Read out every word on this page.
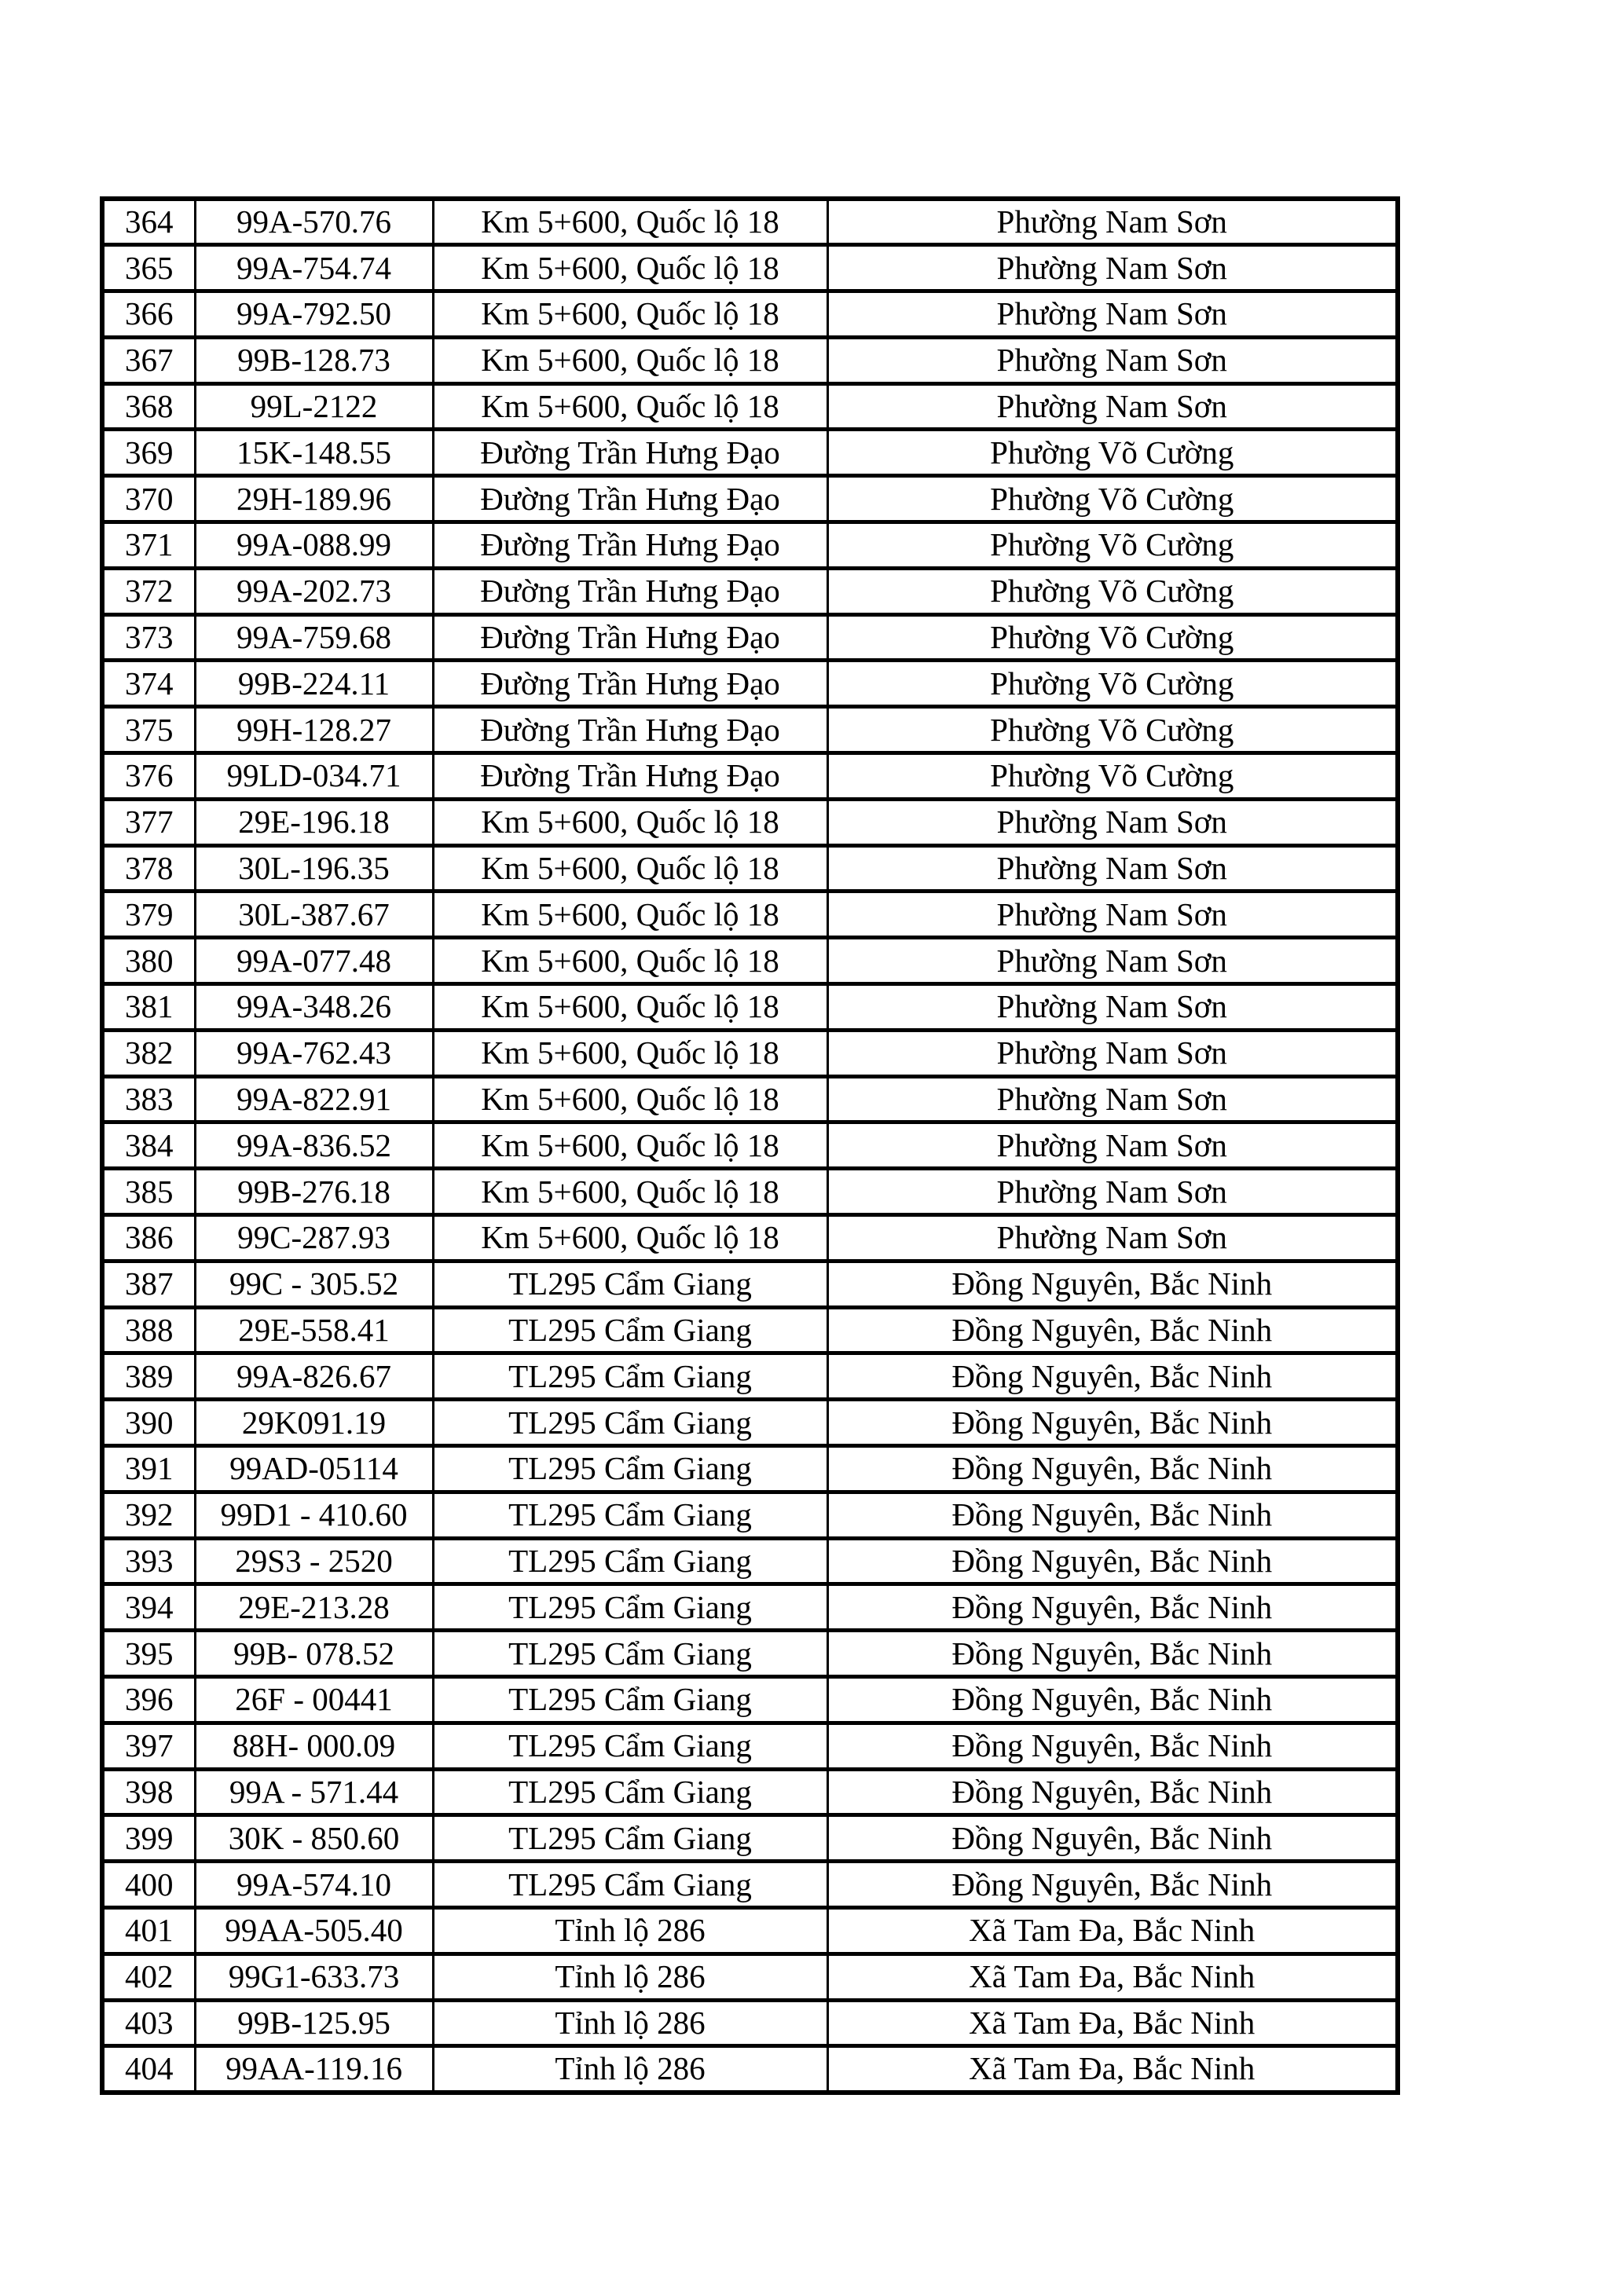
364	99A-570.76	Km 5+600, Quốc lộ 18	Phường Nam Sơn
365	99A-754.74	Km 5+600, Quốc lộ 18	Phường Nam Sơn
366	99A-792.50	Km 5+600, Quốc lộ 18	Phường Nam Sơn
367	99B-128.73	Km 5+600, Quốc lộ 18	Phường Nam Sơn
368	99L-2122	Km 5+600, Quốc lộ 18	Phường Nam Sơn
369	15K-148.55	Đường Trần Hưng Đạo	Phường Võ Cường
370	29H-189.96	Đường Trần Hưng Đạo	Phường Võ Cường
371	99A-088.99	Đường Trần Hưng Đạo	Phường Võ Cường
372	99A-202.73	Đường Trần Hưng Đạo	Phường Võ Cường
373	99A-759.68	Đường Trần Hưng Đạo	Phường Võ Cường
374	99B-224.11	Đường Trần Hưng Đạo	Phường Võ Cường
375	99H-128.27	Đường Trần Hưng Đạo	Phường Võ Cường
376	99LD-034.71	Đường Trần Hưng Đạo	Phường Võ Cường
377	29E-196.18	Km 5+600, Quốc lộ 18	Phường Nam Sơn
378	30L-196.35	Km 5+600, Quốc lộ 18	Phường Nam Sơn
379	30L-387.67	Km 5+600, Quốc lộ 18	Phường Nam Sơn
380	99A-077.48	Km 5+600, Quốc lộ 18	Phường Nam Sơn
381	99A-348.26	Km 5+600, Quốc lộ 18	Phường Nam Sơn
382	99A-762.43	Km 5+600, Quốc lộ 18	Phường Nam Sơn
383	99A-822.91	Km 5+600, Quốc lộ 18	Phường Nam Sơn
384	99A-836.52	Km 5+600, Quốc lộ 18	Phường Nam Sơn
385	99B-276.18	Km 5+600, Quốc lộ 18	Phường Nam Sơn
386	99C-287.93	Km 5+600, Quốc lộ 18	Phường Nam Sơn
387	99C - 305.52	TL295 Cẩm Giang	Đồng Nguyên, Bắc Ninh
388	29E-558.41	TL295 Cẩm Giang	Đồng Nguyên, Bắc Ninh
389	99A-826.67	TL295 Cẩm Giang	Đồng Nguyên, Bắc Ninh
390	29K091.19	TL295 Cẩm Giang	Đồng Nguyên, Bắc Ninh
391	99AD-05114	TL295 Cẩm Giang	Đồng Nguyên, Bắc Ninh
392	99D1 - 410.60	TL295 Cẩm Giang	Đồng Nguyên, Bắc Ninh
393	29S3 - 2520	TL295 Cẩm Giang	Đồng Nguyên, Bắc Ninh
394	29E-213.28	TL295 Cẩm Giang	Đồng Nguyên, Bắc Ninh
395	99B- 078.52	TL295 Cẩm Giang	Đồng Nguyên, Bắc Ninh
396	26F - 00441	TL295 Cẩm Giang	Đồng Nguyên, Bắc Ninh
397	88H- 000.09	TL295 Cẩm Giang	Đồng Nguyên, Bắc Ninh
398	99A - 571.44	TL295 Cẩm Giang	Đồng Nguyên, Bắc Ninh
399	30K - 850.60	TL295 Cẩm Giang	Đồng Nguyên, Bắc Ninh
400	99A-574.10	TL295 Cẩm Giang	Đồng Nguyên, Bắc Ninh
401	99AA-505.40	Tỉnh lộ 286	Xã Tam Đa, Bắc Ninh
402	99G1-633.73	Tỉnh lộ 286	Xã Tam Đa, Bắc Ninh
403	99B-125.95	Tỉnh lộ 286	Xã Tam Đa, Bắc Ninh
404	99AA-119.16	Tỉnh lộ 286	Xã Tam Đa, Bắc Ninh
